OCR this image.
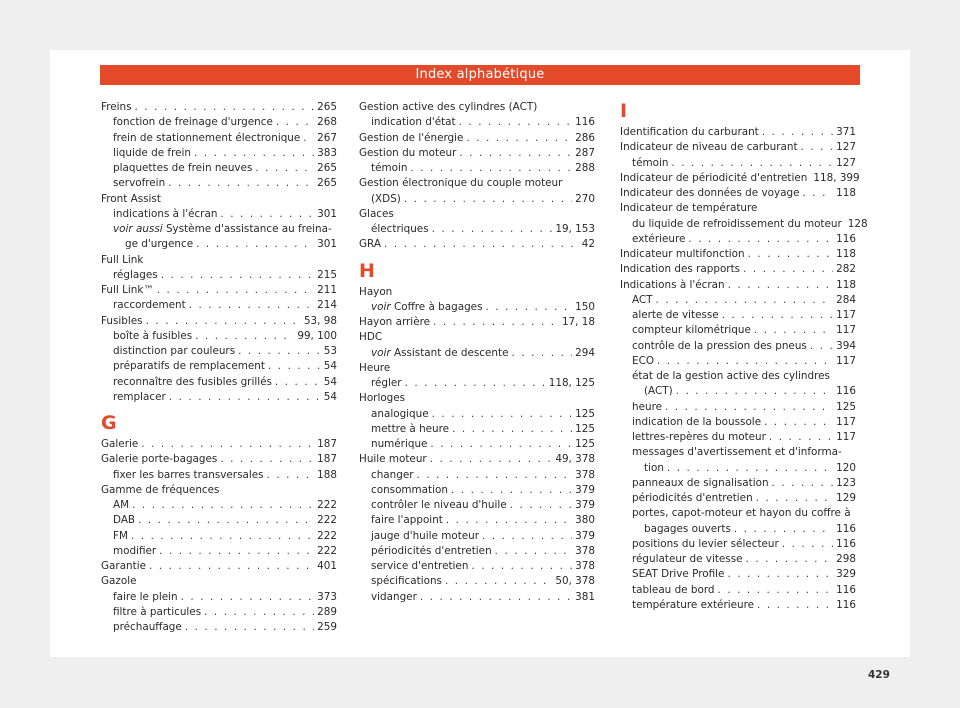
Index alphabétique
Freins . . .	265
fonction de freinage d'urgence . . .	268
frein de stationnement électronique . . . 267
liquide de frein . . .	383
plaquettes de frein neuves . . .	265
servofrein . . .	265
Front Assist
indications à l'écran . . .	301
voir aussi Système d'assistance au freina-
ge d'urgence . . .	301
Full Link
réglages . . .	215
Full Link™ . . .	211
raccordement . . .	214
Fusibles . . .	53, 98
boîte à fusibles . . .	99, 100
distinction par couleurs . . .	53
préparatifs de remplacement . . .	54
reconnaître des fusibles grillés . . .	54
remplacer . . .	54
G
Galerie . . .	187
Galerie porte-bagages . . .	187
fixer les barres transversales . . .	188
Gamme de fréquences
AM . . .	222
DAB . . .	222
FM . . .	222
modifier . . .	222
Garantie . . .	401
Gazole
faire le plein . . .	373
filtre à particules . . .	289
préchauffage . . .	259
Gestion active des cylindres (ACT)
indication d'état . . .	116
Gestion de l'énergie . . .	286
Gestion du moteur . . .	287
témoin . . .	288
Gestion électronique du couple moteur
(XDS) . . .	270
Glaces
électriques . . .	19, 153
GRA . . .	42
H
Hayon
voir Coffre à bagages . . .	150
Hayon arrière . . .	17, 18
HDC
voir Assistant de descente . . .	294
Heure
régler . . .	118, 125
Horloges
analogique . . .	125
mettre à heure . . .	125
numérique . . .	125
Huile moteur . . .	49, 378
changer . . .	378
consommation . . .	379
contrôler le niveau d'huile . . .	379
faire l'appoint . . .	380
jauge d'huile moteur . . .	379
périodicités d'entretien . . .	378
service d'entretien . . .	378
spécifications . . .	50, 378
vidanger . . .	381
I
Identification du carburant . . .	371
Indicateur de niveau de carburant . . .	127
témoin . . .	127
Indicateur de périodicité d'entretien 118, 399
Indicateur des données de voyage . . .	118
Indicateur de température
du liquide de refroidissement du moteur 128
extérieure . . .	116
Indicateur multifonction . . .	118
Indication des rapports . . .	282
Indications à l'écran . . .	118
ACT . . .	284
alerte de vitesse . . .	117
compteur kilométrique . . .	117
contrôle de la pression des pneus . . .	394
ECO . . .	117
état de la gestion active des cylindres
(ACT) . . .	116
heure . . .	125
indication de la boussole . . .	117
lettres-repères du moteur . . .	117
messages d'avertissement et d'informa-
tion . . .	120
panneaux de signalisation . . .	123
périodicités d'entretien . . .	129
portes, capot-moteur et hayon du coffre à
bagages ouverts . . .	116
positions du levier sélecteur . . .	116
régulateur de vitesse . . .	298
SEAT Drive Profile . . .	329
tableau de bord . . .	116
température extérieure . . .	116
429
